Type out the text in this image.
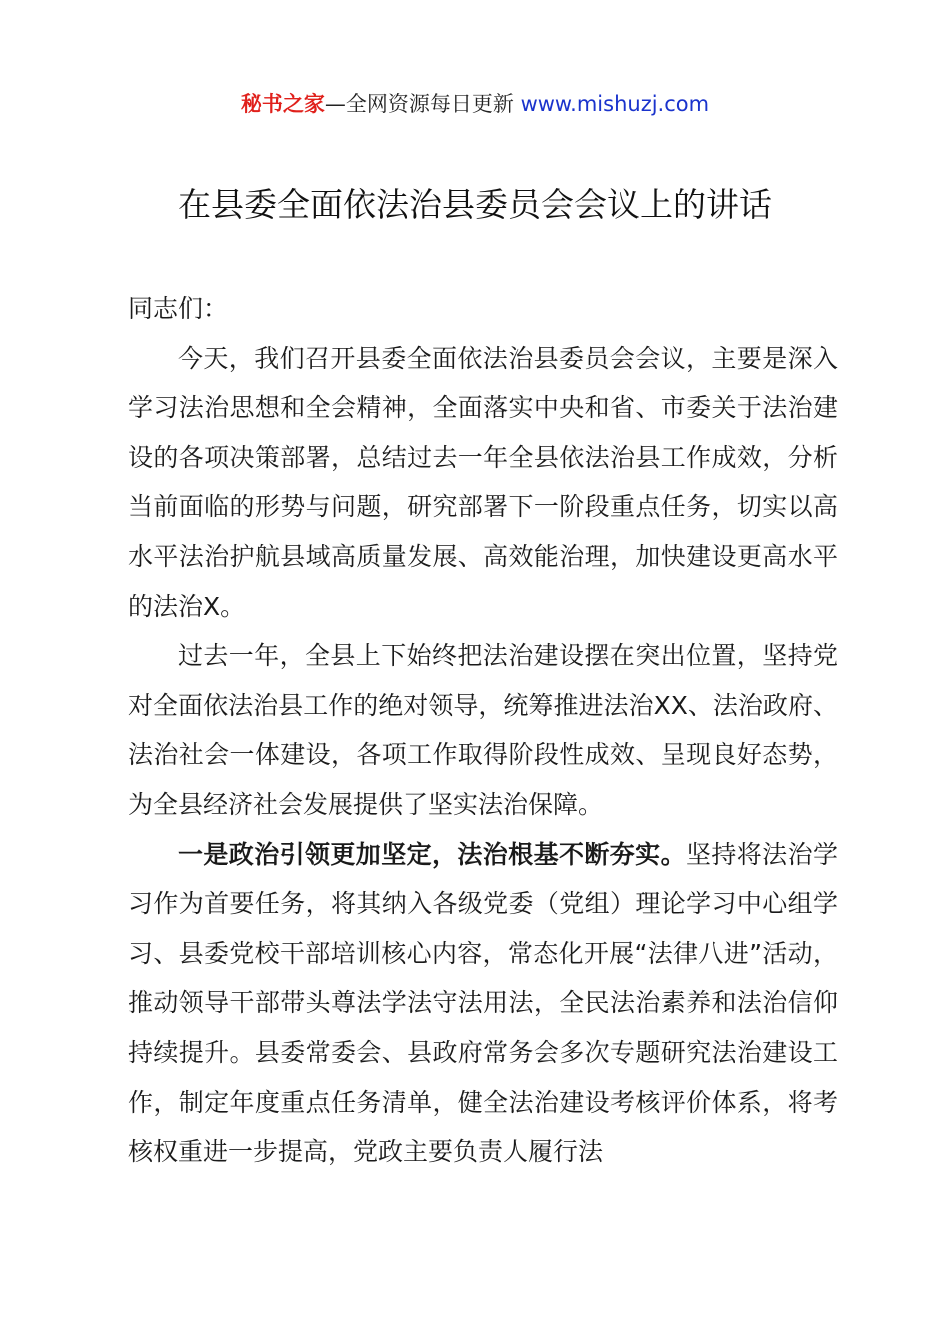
秘书之家—全网资源每日更新 www.mishuzj.com
在县委全面依法治县委员会会议上的讲话

同志们：

今天，我们召开县委全面依法治县委员会会议，主要是深入学习法治思想和全会精神，全面落实中央和省、市委关于法治建设的各项决策部署，总结过去一年全县依法治县工作成效，分析当前面临的形势与问题，研究部署下一阶段重点任务，切实以高水平法治护航县域高质量发展、高效能治理，加快建设更高水平的法治X。

过去一年，全县上下始终把法治建设摆在突出位置，坚持党对全面依法治县工作的绝对领导，统筹推进法治XX、法治政府、法治社会一体建设，各项工作取得阶段性成效、呈现良好态势，为全县经济社会发展提供了坚实法治保障。

一是政治引领更加坚定，法治根基不断夯实。坚持将法治学习作为首要任务，将其纳入各级党委（党组）理论学习中心组学习、县委党校干部培训核心内容，常态化开展“法律八进”活动，推动领导干部带头尊法学法守法用法，全民法治素养和法治信仰持续提升。县委常委会、县政府常务会多次专题研究法治建设工作，制定年度重点任务清单，健全法治建设考核评价体系，将考核权重进一步提高，党政主要负责人履行法
